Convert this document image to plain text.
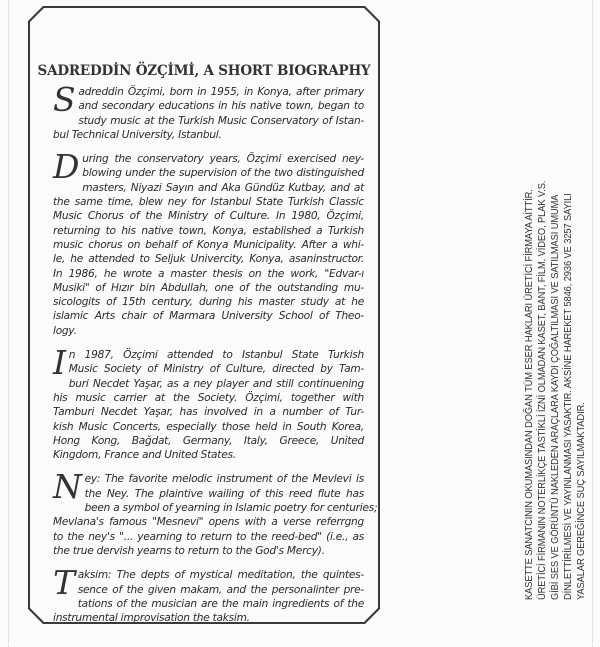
SADREDDİN ÖZÇİMİ, A SHORT BIOGRAPHY
S adreddin Özçimi, born in 1955, in Konya, after primary
and secondary educations in his native town, began to
study music at the Turkish Music Conservatory of Istan-
bul Technical University, Istanbul.
D uring the conservatory years, Özçimi exercised ney-
blowing under the supervision of the two distinguished
masters, Niyazi Sayın and Aka Gündüz Kutbay, and at
the same time, blew ney for Istanbul State Turkish Classic
Music Chorus of the Ministry of Culture. In 1980, Özçimi,
returning to his native town, Konya, established a Turkish
music chorus on behalf of Konya Municipality. After a whi-
le, he attended to Seljuk Univercity, Konya, asaninstructor.
In 1986, he wrote a master thesis on the work, "Edvar-ı
Musiki" of Hızır bin Abdullah, one of the outstanding mu-
sicologits of 15th century, during his master study at he
islamic Arts chair of Marmara University School of Theo-
logy.
I n 1987, Özçimi attended to Istanbul State Turkish
Music Society of Ministry of Culture, directed by Tam-
buri Necdet Yaşar, as a ney player and still continuening
his music carrier at the Society. Özçimi, together with
Tamburi Necdet Yaşar, has involved in a number of Tur-
kish Music Concerts, especially those held in South Korea,
Hong Kong, Bağdat, Germany, Italy, Greece, United
Kingdom, France and United States.
N ey: The favorite melodic instrument of the Mevlevi is
the Ney. The plaintive wailing of this reed flute has
been a symbol of yearning in Islamic poetry for centuries;
Mevlana's famous "Mesnevi" opens with a verse referrgng
to the ney's "... yearning to return to the reed-bed" (i.e., as
the true dervish yearns to return to the God's Mercy).
T aksim: The depts of mystical meditation, the quintes-
sence of the given makam, and the personalinter pre-
tations of the musician are the main ingredients of the
instrumental improvisation the taksim.
KASETTE SANATCININ OKUMASINDAN DOĞAN TÜM ESER HAKLARI ÜRETİCİ FİRMAYA AİTTİR. ÜRETİCİ FİRMANIN NOTERLİKÇE TASTİKLİ İZNİ OLMADAN KASET, BANT, FİLM, VİDEO, PLAK V.S. GİBİ SES VE GÖRÜNTÜ NAKLEDEN ARAÇLARA KAYDI ÇOĞALTILMASI VE SATILMASI UMUMA DİNLETTİRİLMESİ VE YAYINLANMASI YASAKTIR. AKSİNE HAREKET 5846, 2936 VE 3257 SAYILI YASALAR GEREĞİNCE SUÇ SAYILMAKTADIR.
